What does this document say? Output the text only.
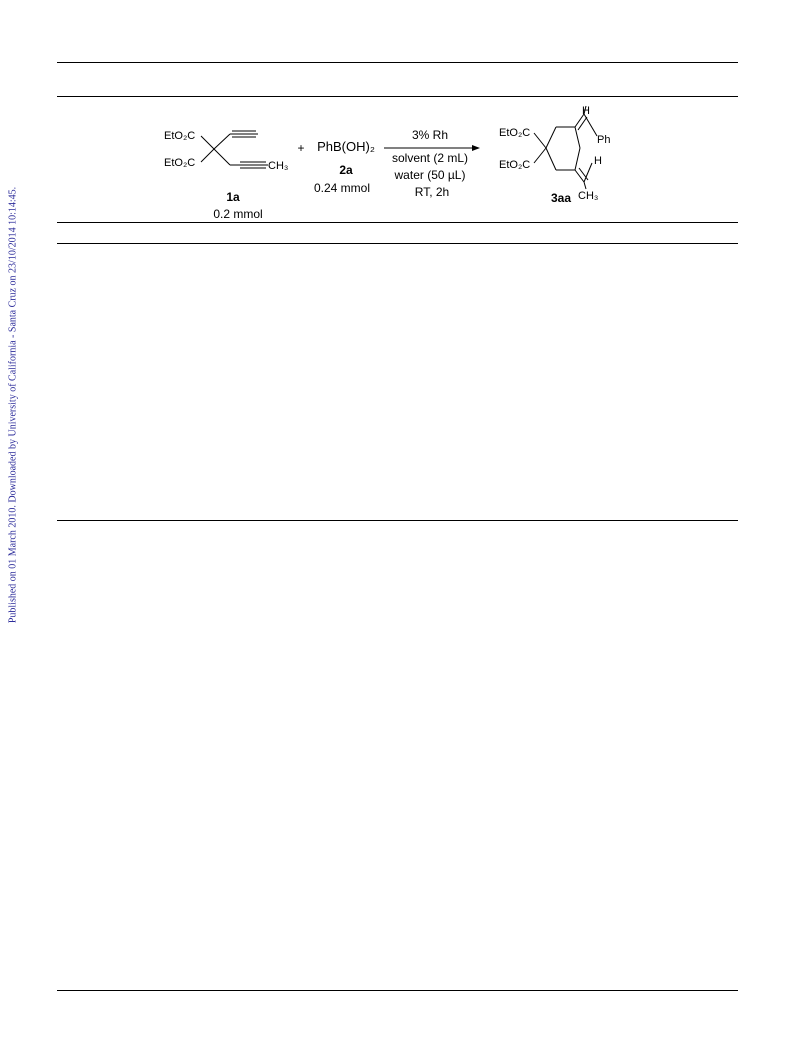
Published on 01 March 2010. Downloaded by University of California - Santa Cruz on 23/10/2014 10:14:45.
EtO₂C
EtO₂C	CH₃
1a
0.2 mmol
+ PhB(OH)₂
2a
0.24 mmol
3% Rh
solvent (2 mL)
water (50 µL)
RT, 2h
H
Ph
H
CH₃
EtO₂C
EtO₂C
3aa
